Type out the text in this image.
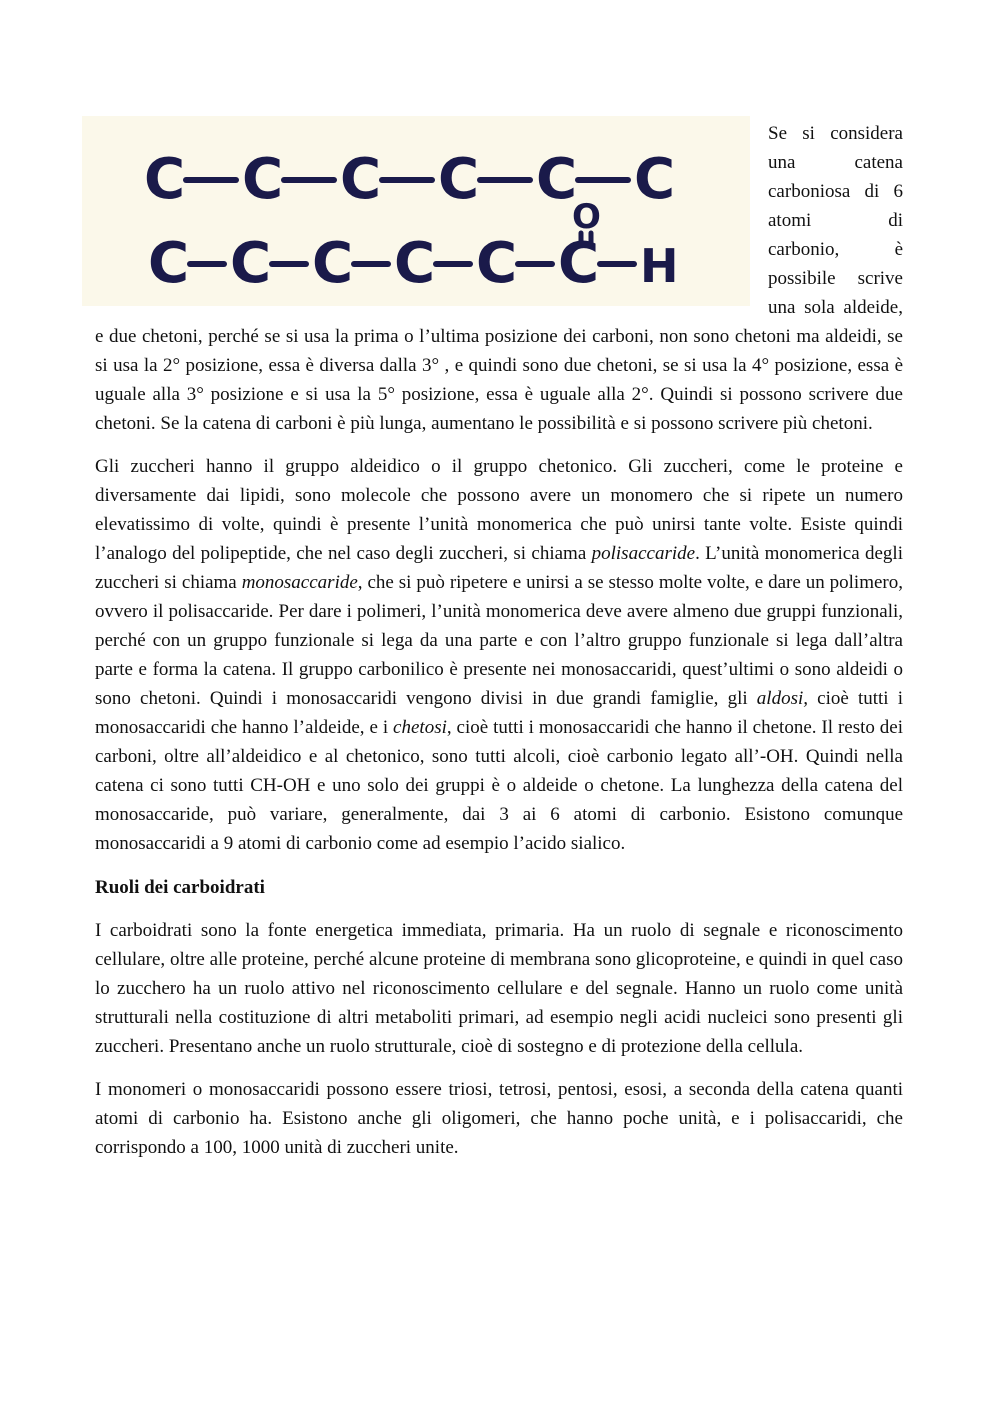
C C C C C C
C C C C C C H
O

Se si considera una catena carboniosa di 6 atomi di carbonio, è possibile scrive una sola aldeide, e due chetoni, perché se si usa la prima o l’ultima posizione dei carboni, non sono chetoni ma aldeidi, se si usa la 2° posizione, essa è diversa dalla 3° , e quindi sono due chetoni, se si usa la 4° posizione, essa è uguale alla 3° posizione e si usa la 5° posizione, essa è uguale alla 2°. Quindi si possono scrivere due chetoni. Se la catena di carboni è più lunga, aumentano le possibilità e si possono scrivere più chetoni.

Gli zuccheri hanno il gruppo aldeidico o il gruppo chetonico. Gli zuccheri, come le proteine e diversamente dai lipidi, sono molecole che possono avere un monomero che si ripete un numero elevatissimo di volte, quindi è presente l’unità monomerica che può unirsi tante volte. Esiste quindi l’analogo del polipeptide, che nel caso degli zuccheri, si chiama polisaccaride. L’unità monomerica degli zuccheri si chiama monosaccaride, che si può ripetere e unirsi a se stesso molte volte, e dare un polimero, ovvero il polisaccaride. Per dare i polimeri, l’unità monomerica deve avere almeno due gruppi funzionali, perché con un gruppo funzionale si lega da una parte e con l’altro gruppo funzionale si lega dall’altra parte e forma la catena. Il gruppo carbonilico è presente nei monosaccaridi, quest’ultimi o sono aldeidi o sono chetoni. Quindi i monosaccaridi vengono divisi in due grandi famiglie, gli aldosi, cioè tutti i monosaccaridi che hanno l’aldeide, e i chetosi, cioè tutti i monosaccaridi che hanno il chetone. Il resto dei carboni, oltre all’aldeidico e al chetonico, sono tutti alcoli, cioè carbonio legato all’-OH. Quindi nella catena ci sono tutti CH-OH e uno solo dei gruppi è o aldeide o chetone. La lunghezza della catena del monosaccaride, può variare, generalmente, dai 3 ai 6 atomi di carbonio. Esistono comunque monosaccaridi a 9 atomi di carbonio come ad esempio l’acido sialico.

Ruoli dei carboidrati

I carboidrati sono la fonte energetica immediata, primaria. Ha un ruolo di segnale e riconoscimento cellulare, oltre alle proteine, perché alcune proteine di membrana sono glicoproteine, e quindi in quel caso lo zucchero ha un ruolo attivo nel riconoscimento cellulare e del segnale. Hanno un ruolo come unità strutturali nella costituzione di altri metaboliti primari, ad esempio negli acidi nucleici sono presenti gli zuccheri. Presentano anche un ruolo strutturale, cioè di sostegno e di protezione della cellula.

I monomeri o monosaccaridi possono essere triosi, tetrosi, pentosi, esosi, a seconda della catena quanti atomi di carbonio ha. Esistono anche gli oligomeri, che hanno poche unità, e i polisaccaridi, che corrispondo a 100, 1000 unità di zuccheri unite.
